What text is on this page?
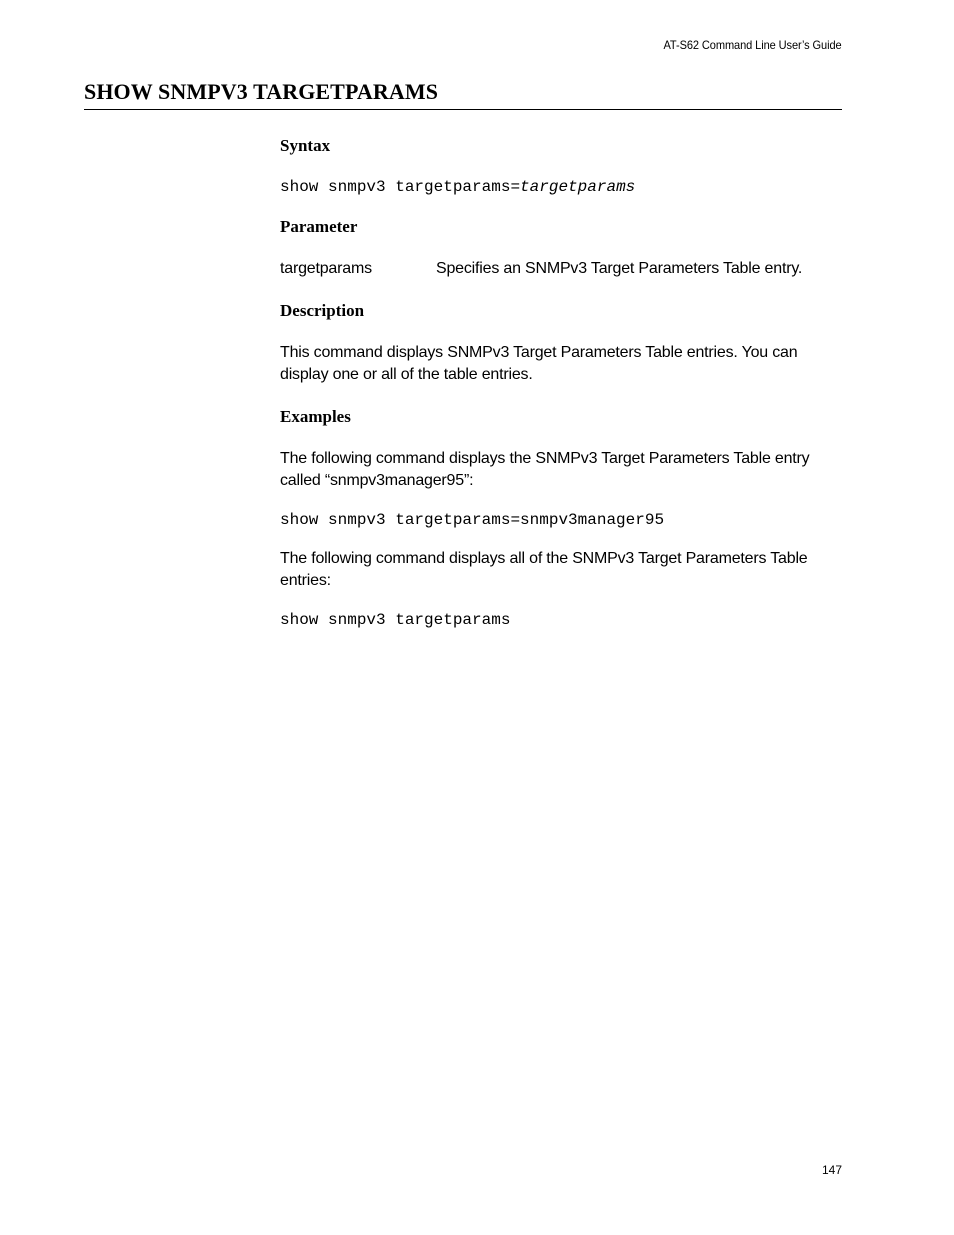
AT-S62 Command Line User’s Guide
SHOW SNMPV3 TARGETPARAMS
Syntax

show snmpv3 targetparams=targetparams

Parameter
targetparams	Specifies an SNMPv3 Target Parameters Table entry.
Description

This command displays SNMPv3 Target Parameters Table entries. You can display one or all of the table entries.

Examples

The following command displays the SNMPv3 Target Parameters Table entry called “snmpv3manager95”:

show snmpv3 targetparams=snmpv3manager95

The following command displays all of the SNMPv3 Target Parameters Table entries:

show snmpv3 targetparams

147
